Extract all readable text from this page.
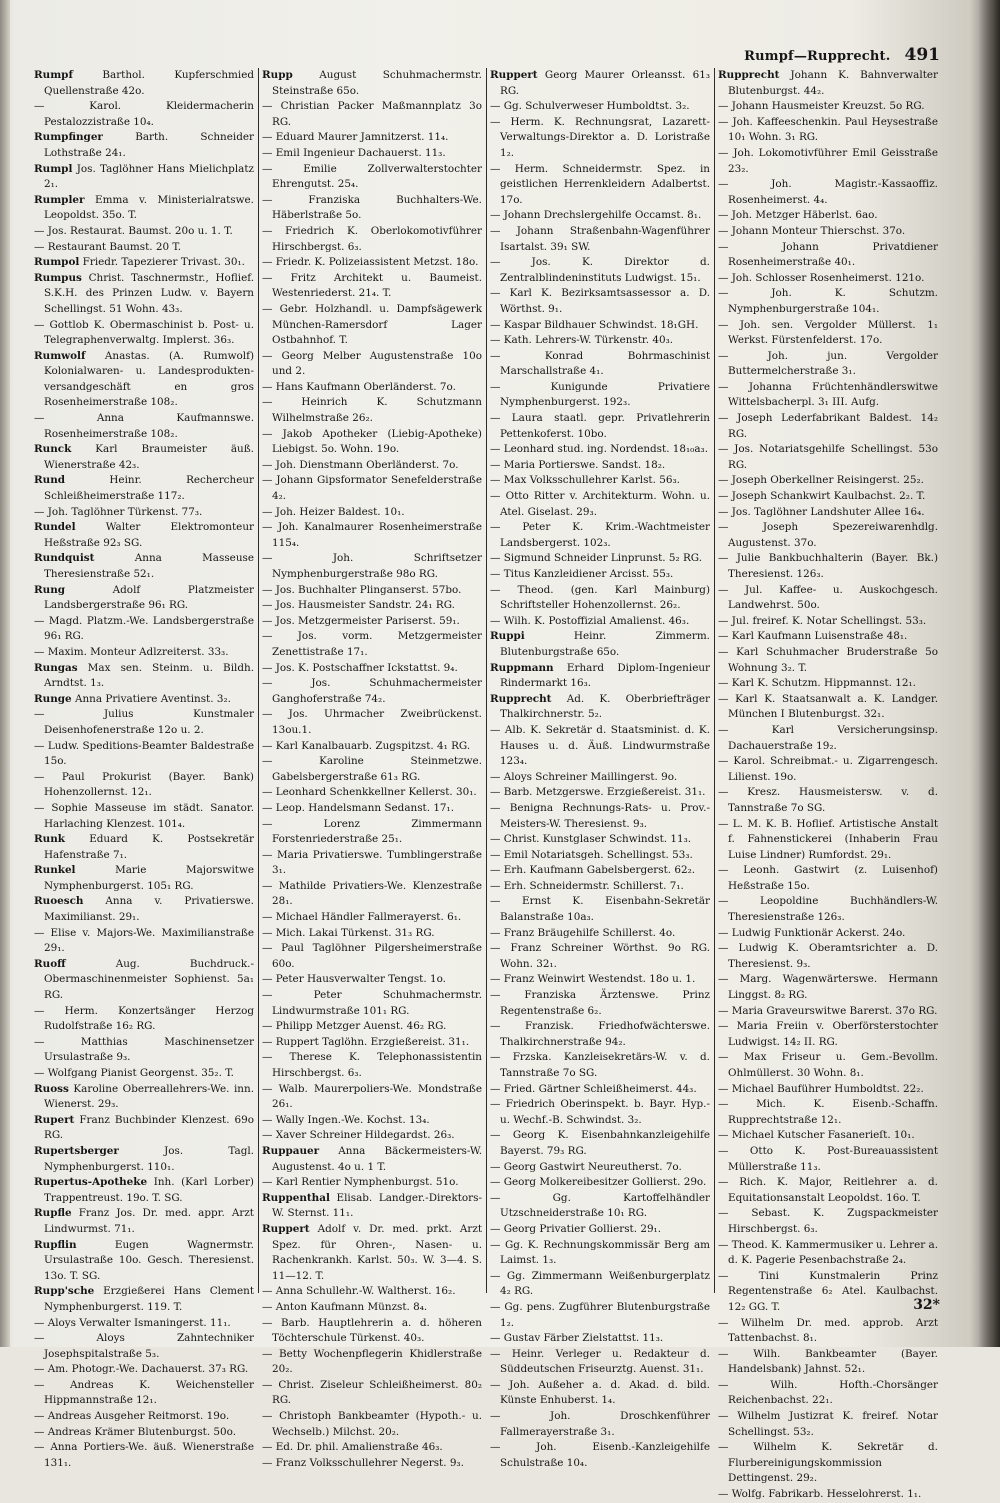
Rumpf—Rupprecht. 491

Rumpf	Barthol. Kupferschmied Quellenstraße 42o.

— Karol. Kleidermacherin Pestalozzistraße 10₄.

Rumpfinger	Barth. Schneider Lothstraße 24₁.

Rumpl Jos. Taglöhner Hans Mielichplatz 2₁.

Rumpler Emma v. Ministerialratswe. Leopoldst. 35o. T.

— Jos. Restaurat. Baumst. 20o u. 1. T.

— Restaurant Baumst. 20 T.

Rumpol Friedr. Tapezierer Trivast. 30₁.

Rumpus Christ. Taschnermstr., Hoflief. S.K.H. des Prinzen Ludw. v. Bayern Schellingst. 51 Wohn. 43₃.

— Gottlob K. Obermaschinist b. Post- u. Telegraphenverwaltg. Implerst. 36₃.

Rumwolf Anastas. (A. Rumwolf) Kolonialwaren- u. Landesprodukten-versandgeschäft en gros Rosenheimerstraße 108₂.

— Anna Kaufmannswe. Rosenheimerstraße 108₂.

Runck Karl Braumeister äuß. Wienerstraße 42₃.

Rund	Heinr. Rechercheur Schleißheimerstraße 117₂.

— Joh. Taglöhner Türkenst. 77₃.

Rundel	Walter Elektromonteur Heßstraße 92₃ SG.

Rundquist	Anna Masseuse Theresienstraße 52₁.

Rung	Adolf Platzmeister Landsbergerstraße 96₁ RG.

— Magd. Platzm.-We. Landsbergerstraße 96₁ RG.

— Maxim. Monteur Adlzreiterst. 33₃.

Rungas Max sen. Steinm. u. Bildh. Arndtst. 1₃.

Runge Anna Privatiere Aventinst. 3₂.

— Julius Kunstmaler Deisenhofenerstraße 12o u. 2.

— Ludw. Speditions-Beamter Baldestraße 15o.

— Paul Prokurist (Bayer. Bank) Hohenzollernst. 12₁.

— Sophie Masseuse im städt. Sanator. Harlaching Klenzest. 101₄.

Runk Eduard K. Postsekretär Hafenstraße 7₁.

Runkel	Marie Majorswitwe Nymphenburgerst. 105₁ RG.

Ruoesch Anna v. Privatierswe. Maximilianst. 29₁.

— Elise v. Majors-We. Maximilianstraße 29₁.

Ruoff	Aug. Buchdruck.-Obermaschinenmeister Sophienst. 5a₁ RG.

— Herm. Konzertsänger Herzog Rudolfstraße 16₂ RG.

— Matthias Maschinensetzer Ursulastraße 9₃.

— Wolfgang Pianist Georgenst. 35₂. T.

Ruoss Karoline Oberreallehrers-We. inn. Wienerst. 29₃.

Rupert Franz Buchbinder Klenzest. 69o RG.

Rupertsberger	Jos. Tagl. Nymphenburgerst. 110₁.

Rupertus-Apotheke Inh. (Karl Lorber) Trappentreust. 19o. T. SG.

Rupfle Franz Jos. Dr. med. appr. Arzt Lindwurmst. 71₁.

Rupflin	Eugen Wagnermstr. Ursulastraße 10o. Gesch. Theresienst. 13o. T. SG.

Rupp'sche Erzgießerei Hans Clement Nymphenburgerst. 119. T.

— Aloys Verwalter Ismaningerst. 11₁.

— Aloys Zahntechniker Josephspitalstraße 5₃.

— Am. Photogr.-We. Dachauerst. 37₃ RG.

— Andreas K. Weichensteller Hippmannstraße 12₁.

— Andreas Ausgeher Reitmorst. 19o.

— Andreas Krämer Blutenburgst. 50o.

— Anna Portiers-We. äuß. Wienerstraße 131₁.

Rupp	August Schuhmachermstr. Steinstraße 65o.

— Christian Packer Maßmannplatz 3o RG.

— Eduard Maurer Jamnitzerst. 11₄.

— Emil Ingenieur Dachauerst. 11₃.

— Emilie Zollverwalterstochter Ehrengutst. 25₄.

— Franziska Buchhalters-We. Häberlstraße 5o.

— Friedrich K. Oberlokomotivführer Hirschbergst. 6₃.

— Friedr. K. Polizeiassistent Metzst. 18o.

— Fritz Architekt u. Baumeist. Westenriederst. 21₄. T.

— Gebr. Holzhandl. u. Dampfsägewerk München-Ramersdorf Lager Ostbahnhof. T.

— Georg Melber Augustenstraße 10o und 2.

— Hans Kaufmann Oberländerst. 7o.

— Heinrich K. Schutzmann Wilhelmstraße 26₂.

— Jakob Apotheker (Liebig-Apotheke) Liebigst. 5o. Wohn. 19o.

— Joh. Dienstmann Oberländerst. 7o.

— Johann Gipsformator Senefelderstraße 4₂.

— Joh. Heizer Baldest. 10₁.

— Joh. Kanalmaurer Rosenheimerstraße 115₄.

— Joh. Schriftsetzer Nymphenburgerstraße 98o RG.

— Jos. Buchhalter Plinganserst. 57bo.

— Jos. Hausmeister Sandstr. 24₁ RG.

— Jos. Metzgermeister Pariserst. 59₁.

— Jos. vorm. Metzgermeister Zenettistraße 17₁.

— Jos. K. Postschaffner Ickstattst. 9₄.

— Jos. Schuhmachermeister Ganghoferstraße 74₂.

— Jos. Uhrmacher Zweibrückenst. 13ou.1.

— Karl Kanalbauarb. Zugspitzst. 4₁ RG.

— Karoline Steinmetzwe. Gabelsbergerstraße 61₃ RG.

— Leonhard Schenkkellner Kellerst. 30₁.

— Leop. Handelsmann Sedanst. 17₁.

— Lorenz Zimmermann Forstenriederstraße 25₁.

— Maria Privatierswe. Tumblingerstraße 3₁.

— Mathilde Privatiers-We. Klenzestraße 28₁.

— Michael Händler Fallmerayerst. 6₁.

— Mich. Lakai Türkenst. 31₃ RG.

— Paul Taglöhner Pilgersheimerstraße 60o.

— Peter Hausverwalter Tengst. 1o.

— Peter Schuhmachermstr. Lindwurmstraße 101₁ RG.

— Philipp Metzger Auenst. 46₂ RG.

— Ruppert Taglöhn. Erzgießereist. 31₁.

— Therese K. Telephonassistentin Hirschbergst. 6₃.

— Walb. Maurerpoliers-We. Mondstraße 26₁.

— Wally Ingen.-We. Kochst. 13₄.

— Xaver Schreiner Hildegardst. 26₃.

Ruppauer Anna Bäckermeisters-W. Augustenst. 4o u. 1 T.

— Karl Rentier Nymphenburgst. 51o.

Ruppenthal Elisab. Landger.-Direktors-W. Sternst. 11₁.

Ruppert Adolf v. Dr. med. prkt. Arzt Spez. für Ohren-, Nasen- u. Rachenkrankh. Karlst. 50₃. W. 3—4. S. 11—12. T.

— Anna Schullehr.-W. Waltherst. 16₂.

— Anton Kaufmann Münzst. 8₄.

— Barb. Hauptlehrerin a. d. höheren Töchterschule Türkenst. 40₃.

— Betty Wochenpflegerin Khidlerstraße 20₂.

— Christ. Ziseleur Schleißheimerst. 80₂ RG.

— Christoph Bankbeamter (Hypoth.- u. Wechselb.) Milchst. 20₂.

— Ed. Dr. phil. Amalienstraße 46₃.

— Franz Volksschullehrer Negerst. 9₃.

Ruppert Georg Maurer Orleansst. 61₃ RG.

— Gg. Schulverweser Humboldtst. 3₂.

— Herm. K. Rechnungsrat, Lazarett-Verwaltungs-Direktor a. D. Loristraße 1₂.

— Herm. Schneidermstr. Spez. in geistlichen Herrenkleidern Adalbertst. 17o.

— Johann Drechslergehilfe Occamst. 8₁.

— Johann Straßenbahn-Wagenführer Isartalst. 39₁ SW.

— Jos. K. Direktor d. Zentralblindeninstituts Ludwigst. 15₁.

— Karl K. Bezirksamtsassessor a. D. Wörthst. 9₁.

— Kaspar Bildhauer Schwindst. 18₁GH.

— Kath. Lehrers-W. Türkenstr. 40₃.

— Konrad Bohrmaschinist Marschallstraße 4₁.

— Kunigunde Privatiere Nymphenburgerst. 192₃.

— Laura staatl. gepr. Privatlehrerin Pettenkoferst. 10bo.

— Leonhard stud. ing. Nordendst. 18₁₀a₃.

— Maria Portierswe. Sandst. 18₂.

— Max Volksschullehrer Karlst. 56₃.

— Otto Ritter v. Architekturm. Wohn. u. Atel. Giselast. 29₃.

— Peter K. Krim.-Wachtmeister Landsbergerst. 102₃.

— Sigmund Schneider Linprunst. 5₂ RG.

— Titus Kanzleidiener Arcisst. 55₃.

— Theod. (gen. Karl Mainburg) Schriftsteller Hohenzollernst. 26₂.

— Wilh. K. Postoffizial Amalienst. 46₃.

Ruppi	Heinr. Zimmerm. Blutenburgstraße 65o.

Ruppmann Erhard Diplom-Ingenieur Rindermarkt 16₃.

Rupprecht Ad. K. Oberbriefträger Thalkirchnerstr. 5₂.

— Alb. K. Sekretär d. Staatsminist. d. K. Hauses u. d. Äuß. Lindwurmstraße 123₄.

— Aloys Schreiner Maillingerst. 9o.

— Barb. Metzgerswe. Erzgießereist. 31₁.

— Benigna Rechnungs-Rats- u. Prov.-Meisters-W. Theresienst. 9₃.

— Christ. Kunstglaser Schwindst. 11₃.

— Emil Notariatsgeh. Schellingst. 53₃.

— Erh. Kaufmann Gabelsbergerst. 62₂.

— Erh. Schneidermstr. Schillerst. 7₁.

— Ernst K. Eisenbahn-Sekretär Balanstraße 10a₃.

— Franz Bräugehilfe Schillerst. 4o.

— Franz Schreiner Wörthst. 9o RG. Wohn. 32₁.

— Franz Weinwirt Westendst. 18o u. 1.

— Franziska Ärztenswe. Prinz Regentenstraße 6₂.

— Franzisk. Friedhofwächterswe. Thalkirchnerstraße 94₂.

— Frzska. Kanzleisekretärs-W. v. d. Tannstraße 7o SG.

— Fried. Gärtner Schleißheimerst. 44₃.

— Friedrich Oberinspekt. b. Bayr. Hyp.- u. Wechf.-B. Schwindst. 3₂.

— Georg K. Eisenbahnkanzleigehilfe Bayerst. 79₃ RG.

— Georg Gastwirt Neureutherst. 7o.

— Georg Molkereibesitzer Gollierst. 29o.

— Gg. Kartoffelhändler Utzschneiderstraße 10₁ RG.

— Georg Privatier Gollierst. 29₁.

— Gg. K. Rechnungskommissär Berg am Laimst. 1₃.

— Gg. Zimmermann Weißenburgerplatz 4₂ RG.

— Gg. pens. Zugführer Blutenburgstraße 1₂.

— Gustav Färber Zielstattst. 11₃.

— Heinr. Verleger u. Redakteur d. Süddeutschen Friseurztg. Auenst. 31₁.

— Joh. Außeher a. d. Akad. d. bild. Künste Enhuberst. 1₄.

— Joh. Droschkenführer Fallmerayerstraße 3₁.

— Joh. Eisenb.-Kanzleigehilfe Schulstraße 10₄.

Rupprecht Johann K. Bahnverwalter Blutenburgst. 44₂.

— Johann Hausmeister Kreuzst. 5o RG.

— Joh. Kaffeeschenkin. Paul Heysestraße 10₁ Wohn. 3₁ RG.

— Joh. Lokomotivführer Emil Geisstraße 23₂.

— Joh. Magistr.-Kassaoffiz. Rosenheimerst. 4₄.

— Joh. Metzger Häberlst. 6ao.

— Johann Monteur Thierschst. 37o.

— Johann Privatdiener Rosenheimerstraße 40₁.

— Joh. Schlosser Rosenheimerst. 121o.

— Joh. K. Schutzm. Nymphenburgerstraße 104₁.

— Joh. sen. Vergolder Müllerst. 1₁ Werkst. Fürstenfelderst. 17o.

— Joh. jun. Vergolder Buttermelcherstraße 3₁.

— Johanna Früchtenhändlerswitwe Wittelsbacherpl. 3₁ III. Aufg.

— Joseph Lederfabrikant Baldest. 14₂ RG.

— Jos. Notariatsgehilfe Schellingst. 53o RG.

— Joseph Oberkellner Reisingerst. 25₂.

— Joseph Schankwirt Kaulbachst. 2₂. T.

— Jos. Taglöhner Landshuter Allee 16₄.

— Joseph Spezereiwarenhdlg. Augustenst. 37o.

— Julie Bankbuchhalterin (Bayer. Bk.) Theresienst. 126₃.

— Jul. Kaffee- u. Auskochgesch. Landwehrst. 50o.

— Jul. freiref. K. Notar Schellingst. 53₃.

— Karl Kaufmann Luisenstraße 48₁.

— Karl Schuhmacher Bruderstraße 5o Wohnung 3₂. T.

— Karl K. Schutzm. Hippmannst. 12₁.

— Karl K. Staatsanwalt a. K. Landger. München I Blutenburgst. 32₁.

— Karl Versicherungsinsp. Dachauerstraße 19₂.

— Karol. Schreibmat.- u. Zigarrengesch. Lilienst. 19o.

— Kresz. Hausmeistersw. v. d. Tannstraße 7o SG.

— L. M. K. B. Hoflief. Artistische Anstalt f. Fahnenstickerei (Inhaberin Frau Luise Lindner) Rumfordst. 29₁.

— Leonh. Gastwirt (z. Luisenhof) Heßstraße 15o.

— Leopoldine Buchhändlers-W. Theresienstraße 126₃.

— Ludwig Funktionär Ackerst. 24o.

— Ludwig K. Oberamtsrichter a. D. Theresienst. 9₃.

— Marg. Wagenwärterswe. Hermann Linggst. 8₂ RG.

— Maria Graveurswitwe Barerst. 37o RG.

— Maria Freiin v. Oberförsterstochter Ludwigst. 14₂ II. RG.

— Max Friseur u. Gem.-Bevollm. Ohlmüllerst. 30 Wohn. 8₁.

— Michael Bauführer Humboldtst. 22₂.

— Mich. K. Eisenb.-Schaffn. Rupprechtstraße 12₁.

— Michael Kutscher Fasanerieſt. 10₁.

— Otto K. Post-Bureauassistent Müllerstraße 11₃.

— Rich. K. Major, Reitlehrer a. d. Equitationsanstalt Leopoldst. 16o. T.

— Sebast. K. Zugspackmeister Hirschbergst. 6₃.

— Theod. K. Kammermusiker u. Lehrer a. d. K. Pagerie Pesenbachstraße 2₄.

— Tini Kunstmalerin Prinz Regentenstraße 6₂ Atel. Kaulbachst. 12₂ GG. T.

— Wilhelm Dr. med. approb. Arzt Tattenbachst. 8₁.

— Wilh. Bankbeamter (Bayer. Handelsbank) Jahnst. 52₁.

— Wilh. Hofth.-Chorsänger Reichenbachst. 22₁.

— Wilhelm Justizrat K. freiref. Notar Schellingst. 53₂.

— Wilhelm K. Sekretär d. Flurbereinigungskommission Dettingenst. 29₂.

— Wolfg. Fabrikarb. Hesselohrerst. 1₁.

32*
